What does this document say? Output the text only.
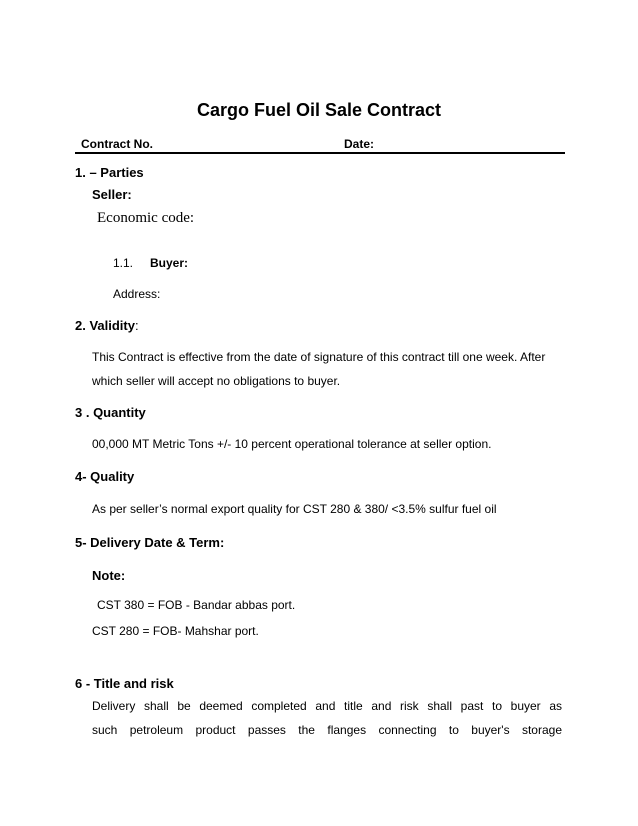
Cargo Fuel Oil Sale Contract
Contract No.	Date:
1. – Parties
Seller:
Economic code:
1.1. Buyer:
Address:
2. Validity:
This Contract is effective from the date of signature of this contract till one week. After
which seller will accept no obligations to buyer.
3 . Quantity
00,000 MT Metric Tons +/- 10 percent operational tolerance at seller option.
4- Quality
As per seller’s normal export quality for CST 280 & 380/ <3.5% sulfur fuel oil
5- Delivery Date & Term:
Note:
CST 380 = FOB - Bandar abbas port.
CST 280 = FOB- Mahshar port.
6 - Title and risk
Delivery shall be deemed completed and title and risk shall past to buyer as
such petroleum product passes the flanges connecting to buyer's storage
